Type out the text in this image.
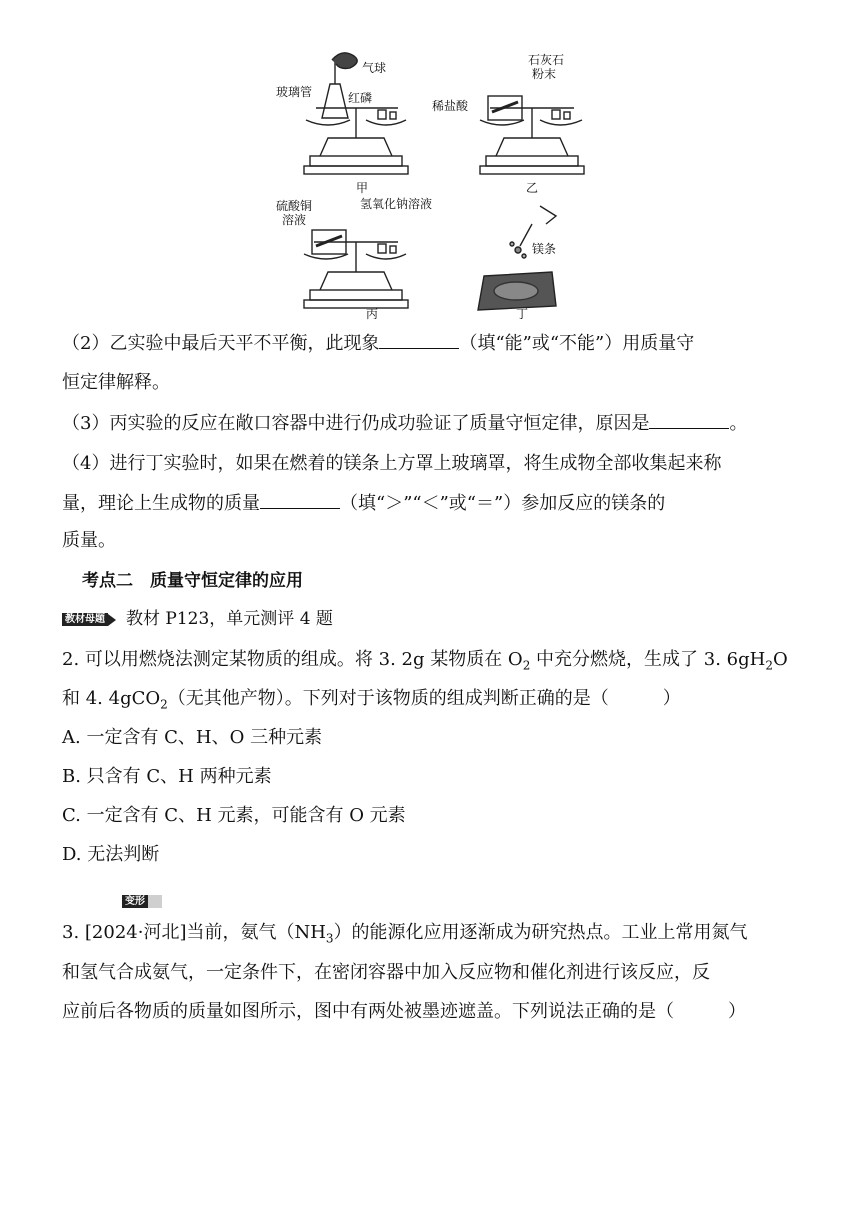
气球
玻璃管	红磷
石灰石
粉末
稀盐酸
硫酸铜
溶液
氢氧化钠溶液
镁条
甲	乙
丙	丁
（2）乙实验中最后天平不平衡，此现象	（填“能”或“不能”）用质量守
恒定律解释。
（3）丙实验的反应在敞口容器中进行仍成功验证了质量守恒定律，原因是	。
（4）进行丁实验时，如果在燃着的镁条上方罩上玻璃罩，将生成物全部收集起来称
量，理论上生成物的质量	（填“＞”“＜”或“＝”）参加反应的镁条的
质量。
考点二　质量守恒定律的应用
教材母题 教材 P123，单元测评 4 题
2. 可以用燃烧法测定某物质的组成。将 3. 2g 某物质在 $O_2$ 中充分燃烧，生成了 3. $6gH_2O$
和 4. 4gCO$_2$（无其他产物）。下列对于该物质的组成判断正确的是（　　　）
A. 一定含有 C、H、O 三种元素
B. 只含有 C、H 两种元素
C. 一定含有 C、H 元素，可能含有 O 元素
D. 无法判断
变形
3. [2024·河北]当前，氨气$(NH_3)$的能源化应用逐渐成为研究热点。工业上常用氮气
和氢气合成氨气，一定条件下，在密闭容器中加入反应物和催化剂进行该反应，反
应前后各物质的质量如图所示，图中有两处被墨迹遮盖。下列说法正确的是（　　　）
